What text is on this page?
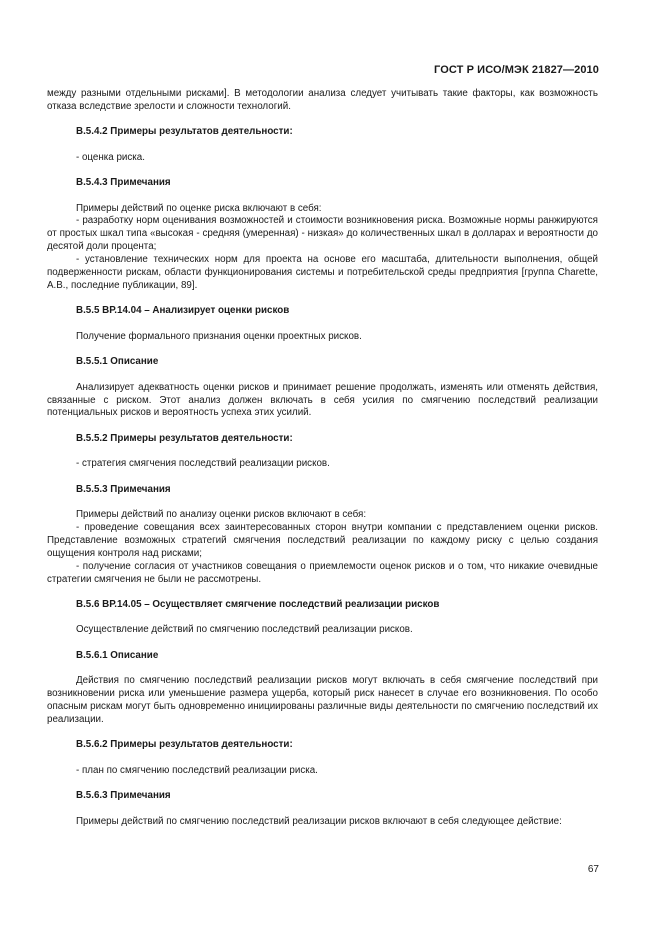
ГОСТ Р ИСО/МЭК 21827—2010

между разными отдельными рисками]. В методологии анализа следует учитывать такие факторы, как возможность отказа вследствие зрелости и сложности технологий.

В.5.4.2 Примеры результатов деятельности:

- оценка риска.

В.5.4.3 Примечания

Примеры действий по оценке риска включают в себя:

- разработку норм оценивания возможностей и стоимости возникновения риска. Возможные нормы ранжируются от простых шкал типа «высокая - средняя (умеренная) - низкая» до количественных шкал в долларах и вероятности до десятой доли процента;

- установление технических норм для проекта на основе его масштаба, длительности выполнения, общей подверженности рискам, области функционирования системы и потребительской среды предприятия [группа Charette, A.B., последние публикации, 89].

В.5.5 ВР.14.04 – Анализирует оценки рисков

Получение формального признания оценки проектных рисков.

В.5.5.1 Описание

Анализирует адекватность оценки рисков и принимает решение продолжать, изменять или отменять действия, связанные с риском. Этот анализ должен включать в себя усилия по смягчению последствий реализации потенциальных рисков и вероятность успеха этих усилий.

В.5.5.2 Примеры результатов деятельности:

- стратегия смягчения последствий реализации рисков.

В.5.5.3 Примечания

Примеры действий по анализу оценки рисков включают в себя:

- проведение совещания всех заинтересованных сторон внутри компании с представлением оценки рисков. Представление возможных стратегий смягчения последствий реализации по каждому риску с целью создания ощущения контроля над рисками;

- получение согласия от участников совещания о приемлемости оценок рисков и о том, что никакие очевидные стратегии смягчения не были не рассмотрены.

В.5.6 ВР.14.05 – Осуществляет смягчение последствий реализации рисков

Осуществление действий по смягчению последствий реализации рисков.

В.5.6.1 Описание

Действия по смягчению последствий реализации рисков могут включать в себя смягчение последствий при возникновении риска или уменьшение размера ущерба, который риск нанесет в случае его возникновения. По особо опасным рискам могут быть одновременно инициированы различные виды деятельности по смягчению последствий их реализации.

В.5.6.2 Примеры результатов деятельности:

- план по смягчению последствий реализации риска.

В.5.6.3 Примечания

Примеры действий по смягчению последствий реализации рисков включают в себя следующее действие:

67
